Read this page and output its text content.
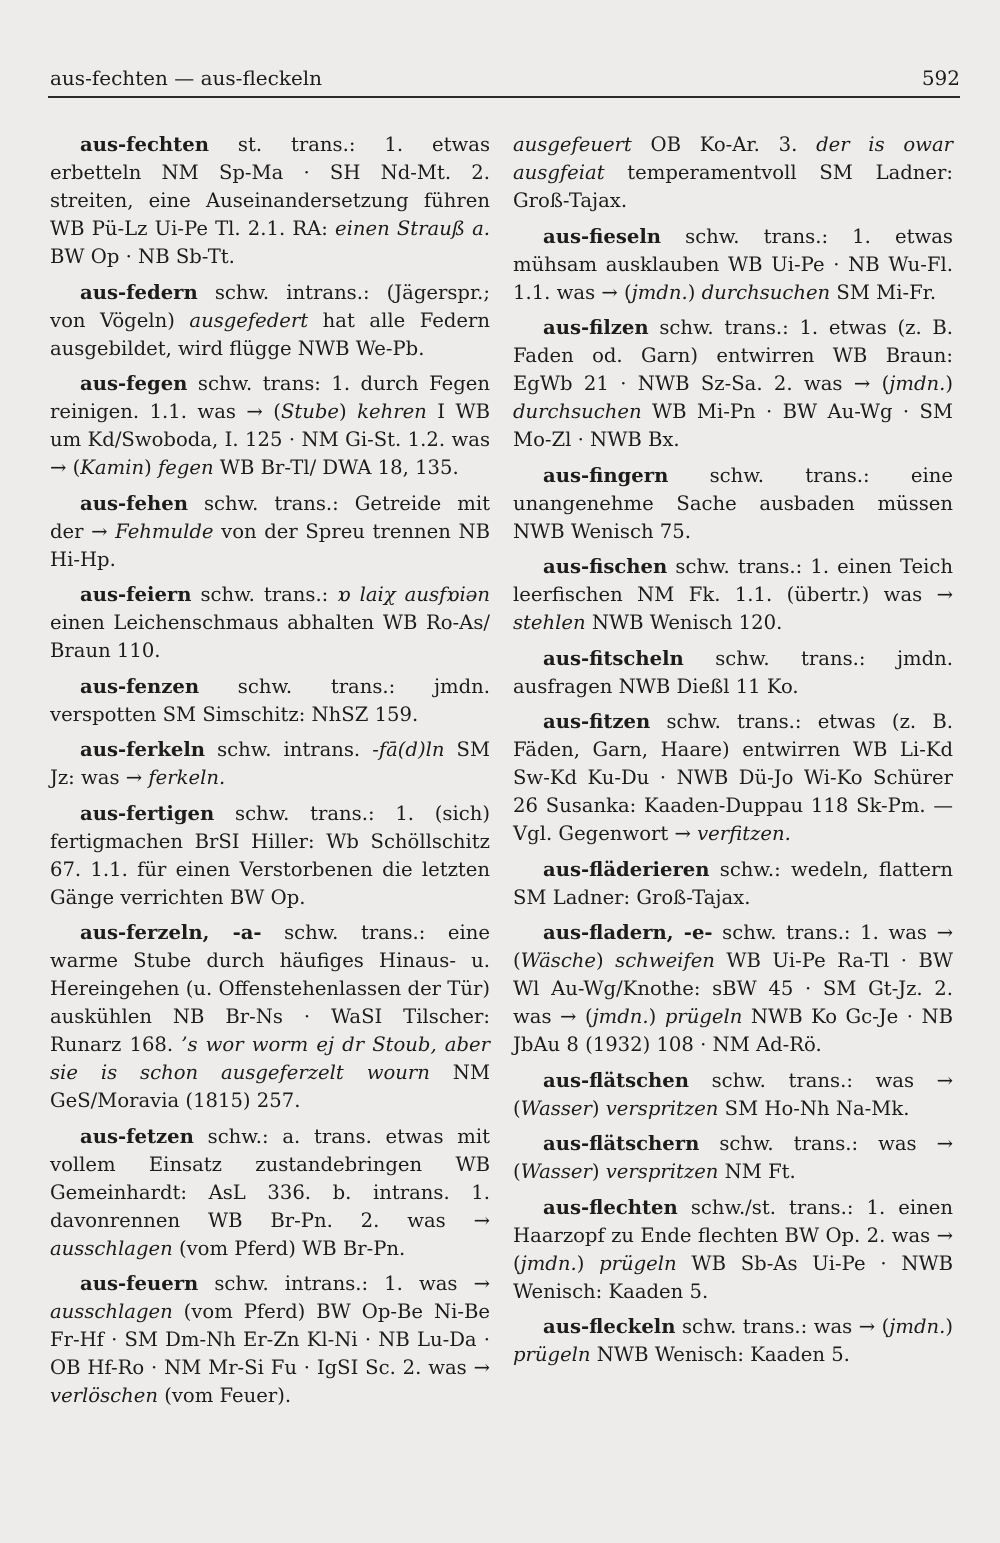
aus-fechten — aus-fleckeln	592

aus-fechten st. trans.: 1. etwas erbetteln NM Sp-Ma · SH Nd-Mt. 2. streiten, eine Auseinandersetzung führen WB Pü-Lz Ui-Pe Tl. 2.1. RA: einen Strauß a. BW Op · NB Sb-Tt.

aus-federn schw. intrans.: (Jägerspr.; von Vögeln) ausgefedert hat alle Federn ausgebildet, wird flügge NWB We-Pb.

aus-fegen schw. trans: 1. durch Fegen reinigen. 1.1. was → (Stube) kehren I WB um Kd/Swoboda, I. 125 · NM Gi-St. 1.2. was → (Kamin) fegen WB Br-Tl/ DWA 18, 135.

aus-fehen schw. trans.: Getreide mit der → Fehmulde von der Spreu trennen NB Hi-Hp.

aus-feiern schw. trans.: ɒ laiχ ausfɒiən einen Leichenschmaus abhalten WB Ro-As/ Braun 110.

aus-fenzen schw. trans.: jmdn. verspotten SM Simschitz: NhSZ 159.

aus-ferkeln schw. intrans. -fā(d)ln SM Jz: was → ferkeln.

aus-fertigen schw. trans.: 1. (sich) fertigmachen BrSI Hiller: Wb Schöllschitz 67. 1.1. für einen Verstorbenen die letzten Gänge verrichten BW Op.

aus-ferzeln, -a- schw. trans.: eine warme Stube durch häufiges Hinaus- u. Hereingehen (u. Offenstehenlassen der Tür) auskühlen NB Br-Ns · WaSI Tilscher: Runarz 168. ’s wor worm ej dr Stoub, aber sie is schon ausgeferzelt wourn NM GeS/Moravia (1815) 257.

aus-fetzen schw.: a. trans. etwas mit vollem Einsatz zustandebringen WB Gemeinhardt: AsL 336. b. intrans. 1. davonrennen WB Br-Pn. 2. was → ausschlagen (vom Pferd) WB Br-Pn.

aus-feuern schw. intrans.: 1. was → ausschlagen (vom Pferd) BW Op-Be Ni-Be Fr-Hf · SM Dm-Nh Er-Zn Kl-Ni · NB Lu-Da · OB Hf-Ro · NM Mr-Si Fu · IgSI Sc. 2. was → verlöschen (vom Feuer).

ausgefeuert OB Ko-Ar. 3. der is owar ausgfeiat temperamentvoll SM Ladner: Groß-Tajax.

aus-fieseln schw. trans.: 1. etwas mühsam ausklauben WB Ui-Pe · NB Wu-Fl. 1.1. was → (jmdn.) durchsuchen SM Mi-Fr.

aus-filzen schw. trans.: 1. etwas (z. B. Faden od. Garn) entwirren WB Braun: EgWb 21 · NWB Sz-Sa. 2. was → (jmdn.) durchsuchen WB Mi-Pn · BW Au-Wg · SM Mo-Zl · NWB Bx.

aus-fingern schw. trans.: eine unangenehme Sache ausbaden müssen NWB Wenisch 75.

aus-fischen schw. trans.: 1. einen Teich leerfischen NM Fk. 1.1. (übertr.) was → stehlen NWB Wenisch 120.

aus-fitscheln schw. trans.: jmdn. ausfragen NWB Dießl 11 Ko.

aus-fitzen schw. trans.: etwas (z. B. Fäden, Garn, Haare) entwirren WB Li-Kd Sw-Kd Ku-Du · NWB Dü-Jo Wi-Ko Schürer 26 Susanka: Kaaden-Duppau 118 Sk-Pm. — Vgl. Gegenwort → verfitzen.

aus-fläderieren schw.: wedeln, flattern SM Ladner: Groß-Tajax.

aus-fladern, -e- schw. trans.: 1. was → (Wäsche) schweifen WB Ui-Pe Ra-Tl · BW Wl Au-Wg/Knothe: sBW 45 · SM Gt-Jz. 2. was → (jmdn.) prügeln NWB Ko Gc-Je · NB JbAu 8 (1932) 108 · NM Ad-Rö.

aus-flätschen schw. trans.: was → (Wasser) verspritzen SM Ho-Nh Na-Mk.

aus-flätschern schw. trans.: was → (Wasser) verspritzen NM Ft.

aus-flechten schw./st. trans.: 1. einen Haarzopf zu Ende flechten BW Op. 2. was → (jmdn.) prügeln WB Sb-As Ui-Pe · NWB Wenisch: Kaaden 5.

aus-fleckeln schw. trans.: was → (jmdn.) prügeln NWB Wenisch: Kaaden 5.
